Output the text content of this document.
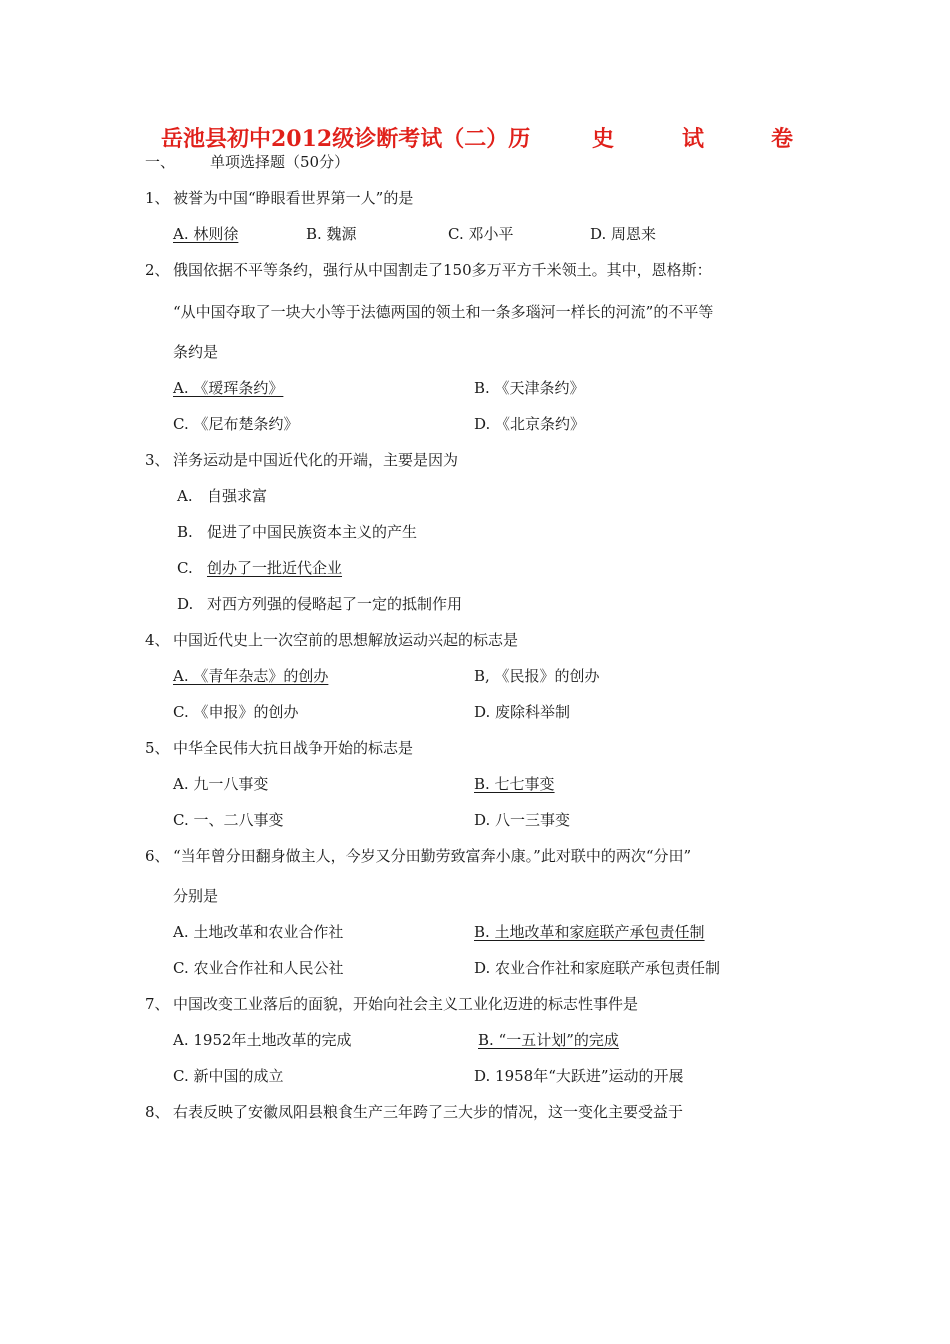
岳池县初中2012级诊断考试（二）历	史	试	卷
一、 单项选择题（50分）
1、 被誉为中国“睁眼看世界第一人”的是
A. 林则徐	B. 魏源	C. 邓小平	D. 周恩来
2、 俄国依据不平等条约，强行从中国割走了150多万平方千米领土。其中，恩格斯：
“从中国夺取了一块大小等于法德两国的领土和一条多瑙河一样长的河流”的不平等
条约是
A. 《瑷珲条约》	B. 《天津条约》
C. 《尼布楚条约》	D. 《北京条约》
3、 洋务运动是中国近代化的开端，主要是因为
A. 自强求富
B. 促进了中国民族资本主义的产生
C. 创办了一批近代企业
D. 对西方列强的侵略起了一定的抵制作用
4、 中国近代史上一次空前的思想解放运动兴起的标志是
A. 《青年杂志》的创办	B, 《民报》的创办
C. 《申报》的创办	D. 废除科举制
5、 中华全民伟大抗日战争开始的标志是
A. 九一八事变	B. 七七事变
C. 一、二八事变	D. 八一三事变
6、 “当年曾分田翻身做主人，今岁又分田勤劳致富奔小康。”此对联中的两次“分田”
分别是
A. 土地改革和农业合作社	B. 土地改革和家庭联产承包责任制
C. 农业合作社和人民公社	D. 农业合作社和家庭联产承包责任制
7、 中国改变工业落后的面貌，开始向社会主义工业化迈进的标志性事件是
A. 1952年土地改革的完成	B. “一五计划”的完成
C. 新中国的成立	D. 1958年“大跃进”运动的开展
8、 右表反映了安徽凤阳县粮食生产三年跨了三大步的情况，这一变化主要受益于
